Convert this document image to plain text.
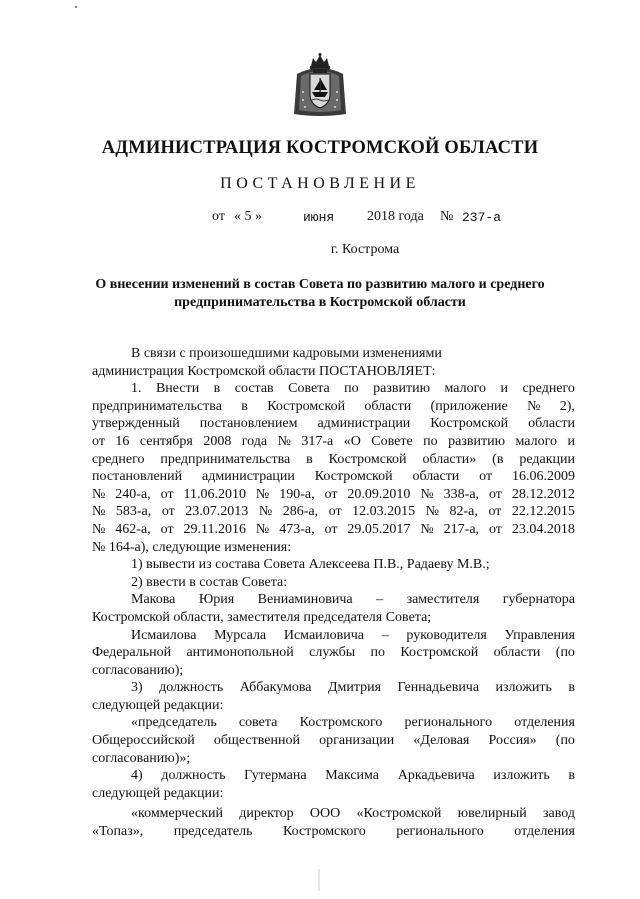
АДМИНИСТРАЦИЯ КОСТРОМСКОЙ ОБЛАСТИ
ПОСТАНОВЛЕНИЕ
от « 5 »	июня 2018 года № 237-а
г. Кострома
О внесении изменений в состав Совета по развитию малого и среднего
предпринимательства в Костромской области
В связи с произошедшими кадровыми изменениями
администрация Костромской области ПОСТАНОВЛЯЕТ:
1. Внести в состав Совета по развитию малого и среднего
предпринимательства в Костромской области (приложение № 2),
утвержденный постановлением администрации Костромской области
от 16 сентября 2008 года № 317-а «О Совете по развитию малого и
среднего предпринимательства в Костромской области» (в редакции
постановлений администрации Костромской области от 16.06.2009
№ 240-а, от 11.06.2010 № 190-а, от 20.09.2010 № 338-а, от 28.12.2012
№ 583-а, от 23.07.2013 № 286-а, от 12.03.2015 № 82-а, от 22.12.2015
№ 462-а, от 29.11.2016 № 473-а, от 29.05.2017 № 217-а, от 23.04.2018
№ 164-а), следующие изменения:
1) вывести из состава Совета Алексеева П.В., Радаеву М.В.;
2) ввести в состав Совета:
Макова Юрия Вениаминовича – заместителя губернатора
Костромской области, заместителя председателя Совета;
Исмаилова Мурсала Исмаиловича – руководителя Управления
Федеральной антимонопольной службы по Костромской области (по
согласованию);
3) должность Аббакумова Дмитрия Геннадьевича изложить в
следующей редакции:
«председатель совета Костромского регионального отделения
Общероссийской общественной организации «Деловая Россия» (по
согласованию)»;
4) должность Гутермана Максима Аркадьевича изложить в
следующей редакции:
«коммерческий директор ООО «Костромской ювелирный завод
«Топаз», председатель Костромского регионального отделения
